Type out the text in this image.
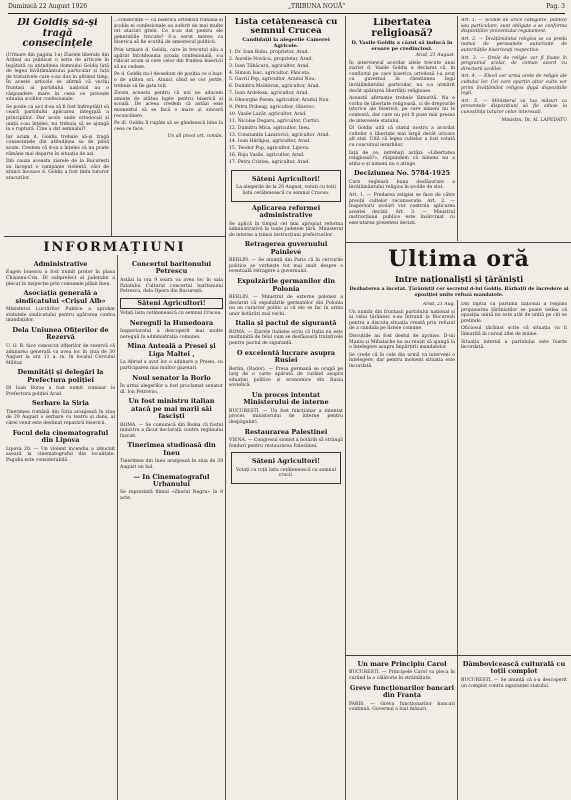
Duminică 22 August 1926	„TRIBUNA NOUĂ"	Pag. 3
Dl Goldiș să-și tragă consecințele

(Urmare din pagina I-a) Ziarele liberale din Ardeal au publicat o serie de articole în legătură cu atitudinea domnului Goldiș față de legea învățământului particular și față de tratativele care s-au dus în ultimul timp. În aceste articole se afirmă că vechii fruntași ai partidului național au o răspundere mare în ceea ce privește situația școlilor confesionale.

Se poate ca aici d-sa să fi fost îndreptățit să ceară partidului aplicarea integrală a principiilor. Dar acolo unde ortodocșii și uniții s-au înțeles, nu trebuia să se ajungă la o ruptură. Cine a dat semnalul?

Iar acum d. Goldiș trebuie să-și tragă consecințele din atitudinea sa de până acum. Credem că d-sa a înțeles că nu poate rămâne mai departe în situația de azi.

Din cauza aceasta ziarele de la București au început o campanie violentă, căci de atunci încoace d. Goldiș a fost ținta tuturor atacurilor.

...consecințe — că biserica ortodoxă română și școlile ei confesionale au suferit de mai multe ori atacuri grele. Ce n-au dat pentru ele generațiile trecute? S-a cerut mereu ca biserica să fie scutită de amestecul politicii.

Prin urmare d. Goldiș, care în trecutul său a apărat întotdeauna școala confesională, s-a ridicat acum și cere celor din fruntea bisericii să nu cedeze.

Pe d. Goldiș nu-l deosebim de poziția ce a luat-o de atâtea ori. Atunci când se cer jertfe, trebuie să fie gata toți.

Zicem aceasta pentru că noi ne aducem aminte de atâtea lupte pentru biserică și școală. De aceea credem că astăzi este momentul să se facă o mare și sinceră reconciliere.

Pe dl. Goldiș îl rugăm să se gândească bine la ceea ce face.

Un all preot ort. român.

INFORMAȚIUNI
Administrative

Eugen Ionescu a fost numit pretor în plasa Chișineu-Criș. Dl subprefect al județului a plecat în inspecție prin comunele plășii Ineu.

Asociația generală a sindicatului «Crișul Alb»

Ministerul Lucrărilor Publice a aprobat statutele sindicatului pentru apărarea contra inundațiilor.

Dela Uniunea Ofițerilor de Rezervă

U. O. R. face cunoscut ofițerilor de rezervă că adunarea generală va avea loc în ziua de 30 August la ora 11 a. m. în localul Cercului Militar.

Demnități și delegări la Prefectura poliției

Dl Ioan Boraș a fost numit comisar la Prefectura poliției Arad.

Serbare la Siria

Tinerimea română din Siria aranjează în ziua de 29 August o serbare cu teatru și dans, al cărei venit este destinat reparării bisericii.

Focul dela cinematograful din Lipova

Lipova 20. — Un violent incendiu a izbucnit aseară la cinematograful din localitate. Paguba este considerabilă.

Concertul baritonului Petrescu

Astăzi la ora 9 seara va avea loc în sala Palatului Cultural concertul baritonului Petrescu, dela Opera din București.

Săteni Agricultori!

Votați lista cetățenească cu semnul Crucea.

Nereguli la Hunedoara

Inspectoratul a descoperit mai multe nereguli în administrația comunei.

Mina Anteală a Presei și Liga Maltei ,

La Abrud a avut loc o adunare a Presei, cu participarea mai multor gazetari.

Noul senator la Borlo

În urma alegerilor a fost proclamat senator dl. Ion Petrovici.

Un fost ministru italian atacă pe mai marii săi fasciști

ROMA. — Se comunică din Roma că fostul ministru a făcut declarații contra regimului fascist.

Tinerimea studioasă din Ineu

Tinerimea din Ineu aranjează în ziua de 29 August un bal.

— In Cinematograful Urbanului

Se reprezintă filmul «Zborul Negru» în 8 acte.

Lista cetățenească cu semnul Crucea
Candidații la alegerile Camerei Agricole.
1. Dr. Ioan Robu, proprietar, Arad.
2. Aurelie Novăcu, proprietar, Arad.
3. Ioan Tăbăcaru, agricultor, Arad.
4. Simion Isac, agricultor, Pâncota.
5. Gavril Pop, agricultor, Aradul Nou.
6. Dumitru Moldovan, agricultor, Arad.
7. Ioan Ardelean, agricultor, Arad.
8. Gheorghe Paven, agricultor, Aradul Nou.
9. Petru Pribeag, agricultor, Ghioroc.
10. Vasile Lazăr, agricultor, Arad.
11. Nicolae Dogaru, agricultor, Curtici.
12. Dumitru Mica, agricultor, Ineu.
13. Constantin Lazarovici, agricultor, Arad.
14. Ioan Hărăguș, agricultor, Arad.
15. Teodor Pop, agricultor, Lipova.
16. Roja Vasile, agricultor, Arad.
17. Petru Cristea, agricultor, Arad.
Săteni Agricultori!

La alegerile de la 29 August, votați cu toții lista cetățenească cu semnul Crucea.

Aplicarea reformei administrative

Se aplică în timpul cel mai apropiat reforma administrativă în toate județele țării. Ministerul de interne a trimis instrucțiuni prefecturilor.

Retragerea guvernului Painlevé

BERLIN. — Se anunță din Paris că în cercurile politice se vorbește tot mai mult despre o eventuală retragere a guvernului.

Expulzările germanilor din Polonia

BERLIN. — Ministrul de externe polonez a declarat că expulzările germanilor din Polonia nu au caracter politic și că ele se fac în urma unor hotărâri mai vechi.

Italia și pactul de siguranță

ROMA. — Ziarele italiene scriu că Italia nu este mulțumită de felul cum se desfășoară tratativele pentru pactul de siguranță.

O excelentă lucrare asupra Rusiei

Berlin, (Rador). — Presa germană se ocupă pe larg de o carte apărută de curând asupra situației politice și economice din Rusia sovietică.

Un proces intentat Ministerului de interne

BUCUREȘTI. — Un fost funcționar a intentat proces ministerului de interne pentru despăgubiri.

Restaurarea Palestinei

VIENA. — Congresul sionist a hotărât să strângă fonduri pentru restaurarea Palestinei.

Săteni Agricultori!

Votați cu toții lista cetățenească cu semnul crucii.

Libertatea religioasă?
D. Vasile Goldiș a căzut să inducă în eroare pe credincioși.

Arad, 21 August.

În interviewul acordat zilele trecute unui ziarist d. Vasile Goldiș a declarat că, în conflictul pe care biserica ortodoxă l-a avut cu guvernul în chestiunea legii învățământului particular, nu s-a urmărit decât apărarea libertății religioase.

Această afirmație trebuie lămurită. Nu e vorba de libertate religioasă, ci de drepturile istorice ale bisericii, pe care nimeni nu le contestă, dar care nu pot fi puse mai presus de interesele statului.

Dl Goldiș uită că statul nostru a acordat cultelor o libertate mai largă decât oricare alt stat. Uită că legea cultelor a fost votată cu concursul ierarhilor.

Iată de ce, intrebați astăzi: «Libertatea religioasă?», răspundem că nimeni nu a atins-o și nimeni nu o atinge.

Deciziunea No. 5784-1925

Care reglează buna desfășurare a învățământului religios în școlile de stat.

Art. 1. — Predarea religiei se face de către preoții cultelor recunoscute. Art. 2. — Inspectorii școlari vor controla aplicarea acestei decizii. Art. 3. — Ministrul instrucțiunii publice este însărcinat cu executarea prezentei decizii.

Art. 1. — Școlile de orice categorie, publice sau particulare, sunt obligate a se conforma dispozițiilor prezentului regulament.

Art. 2. — Învățământul religios se va preda numai de persoanele autorizate de autoritățile bisericești respective.

Art. 3. — Orele de religie vor fi fixate în programul școlar, de comun acord cu directorii școlilor.

Art. 4. — Elevii vor urma orele de religie ale cultului lor. Cei care aparțin altor culte vor primi învățământ religios după dispozițiile legii.

Art. 5. — Ministerul va lua măsuri ca prezentele dispozițiuni să fie aduse la cunoștința tuturor celor interesați.

Ministru, Dr. Al. LAPEDATU

Ultima oră
Intre naționaliști și țărăniști
Dezbaterea a încetat. Țărăniștii cer secretul d-lui Goldiș. Bărbații de încredere ai opoziției unite refuză mandatele.

Arad, 21 Aug.

Un număr din fruntașii partidului național și ai celui țărănesc s-au întrunit la București pentru a discuta situația creată prin refuzul de a candida pe listele comune.

Discuțiile au fost destul de aprinse. D-nii Maniu și Mihalache nu au reușit să ajungă la o înțelegere asupra împărțirii mandatelor.

Se crede că în cele din urmă va interveni o înțelegere, dar pentru moment situația este încordată.

Din faptul că partidul național a respins propunerea țărăniștilor se poate vedea că opoziția unită nu este atât de unită pe cât se pretinde.

Oficiosul țărănist scrie că situația va fi lămurită în cursul zilei de mâine.

Situația internă a partidului este foarte încordată.

Un mare Principiu Carol

BUCUREȘTI. — Principele Carol va pleca în curând la o călătorie în străinătate.

Greve funcționarilor bancari din Franța

PARIS. — Greva funcționarilor bancari continuă. Guvernul a luat măsuri.

Dâmbovicească cuiturală cu toții complot

BUCUREȘTI. — Se anunță că s-a descoperit un complot contra siguranței statului.
